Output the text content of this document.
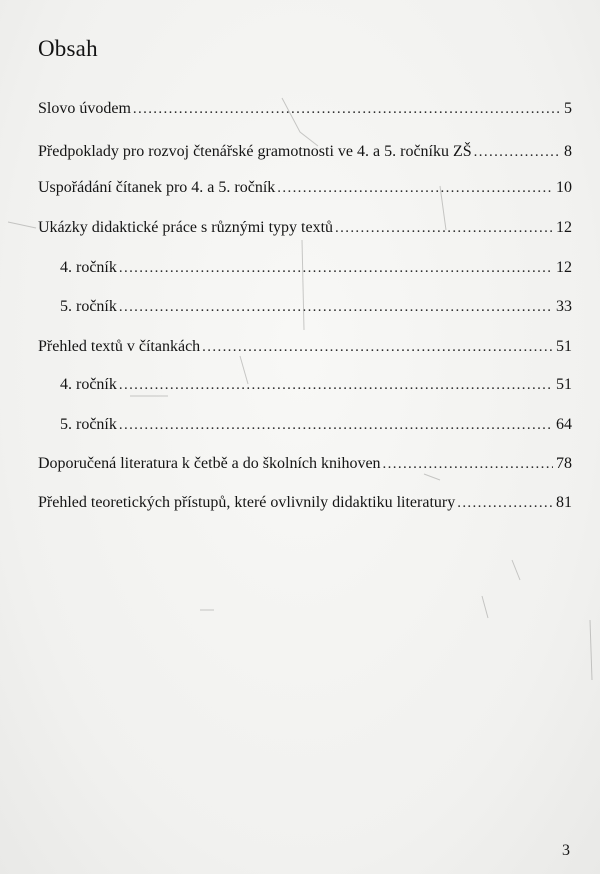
Obsah
Slovo úvodem . . .	5
Předpoklady pro rozvoj čtenářské gramotnosti ve 4. a 5. ročníku ZŠ . . .	8
Uspořádání čítanek pro 4. a 5. ročník . . .	10
Ukázky didaktické práce s různými typy textů . . .	12
4. ročník . . .	12
5. ročník . . .	33
Přehled textů v čítankách . . .	51
4. ročník . . .	51
5. ročník . . .	64
Doporučená literatura k četbě a do školních knihoven . . .	78
Přehled teoretických přístupů, které ovlivnily didaktiku literatury . . .	81
3
